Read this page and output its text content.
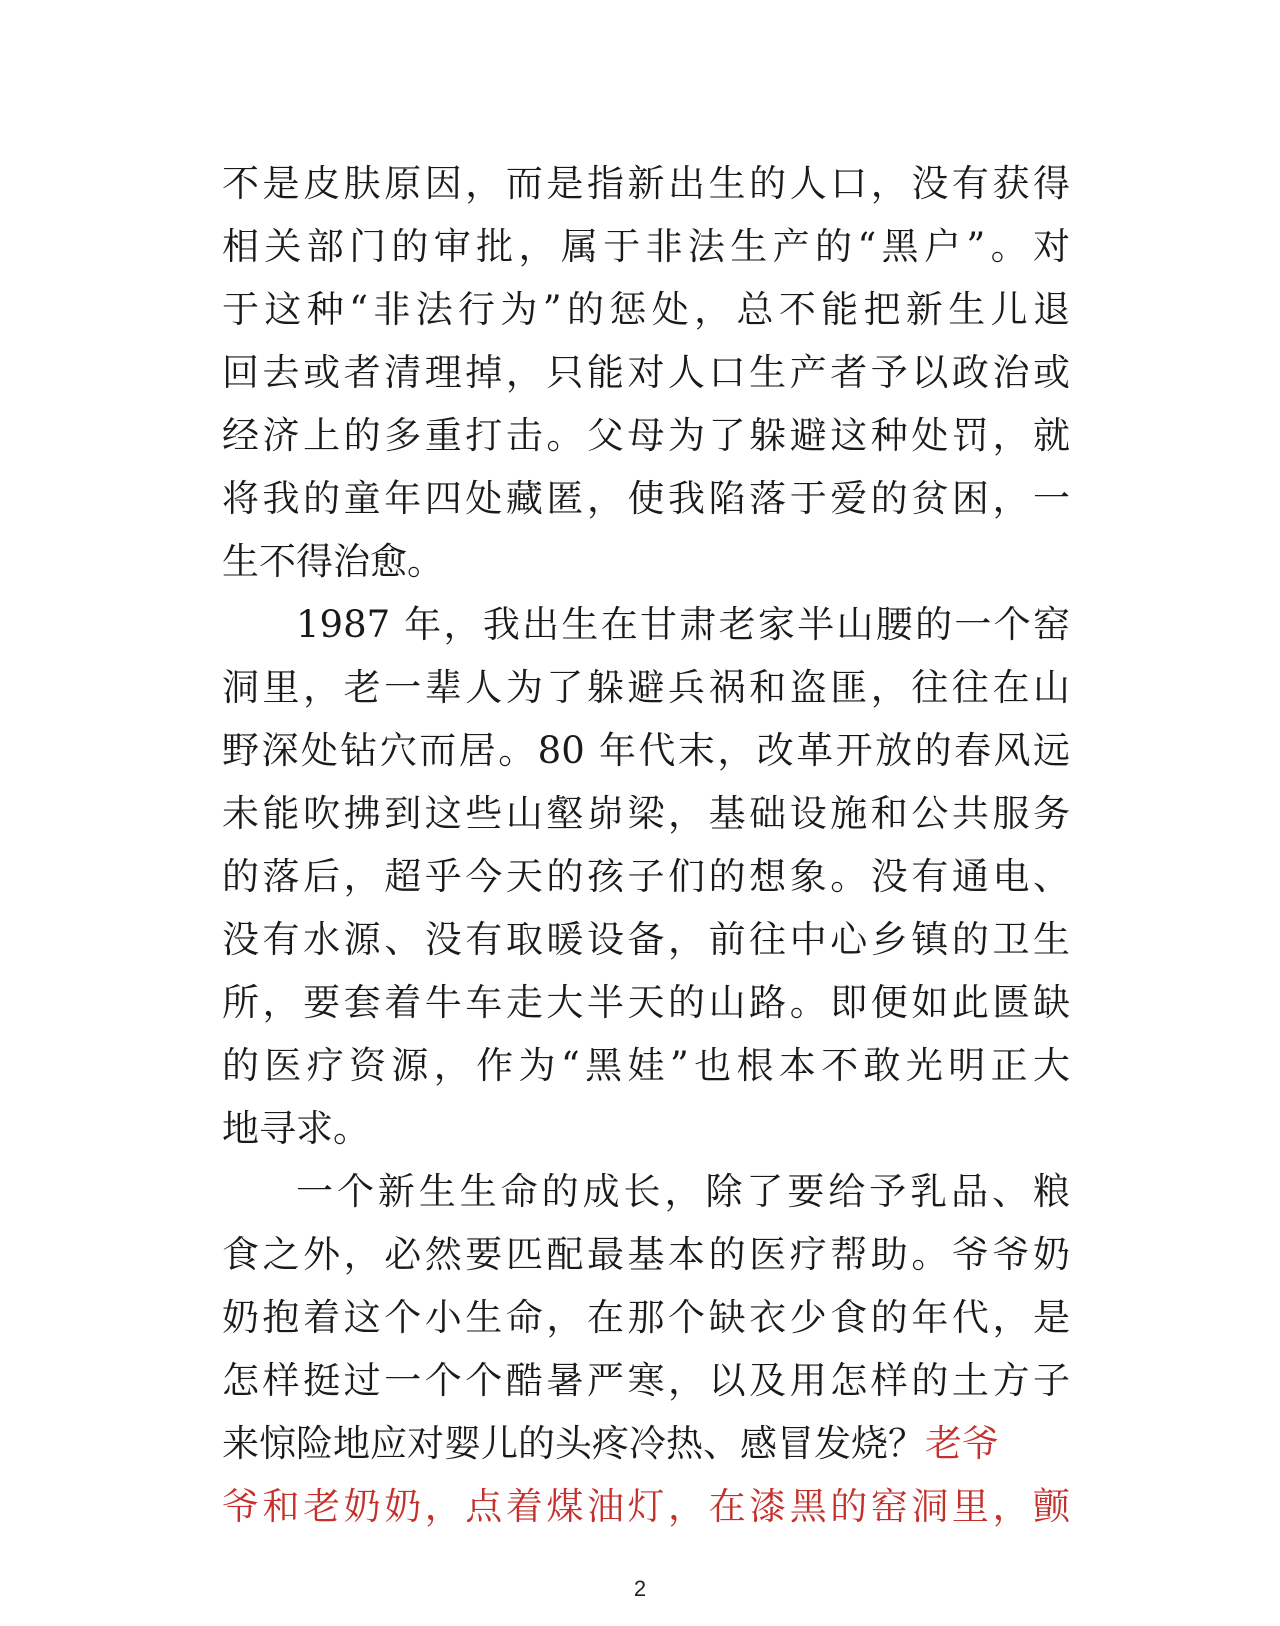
不是皮肤原因，而是指新出生的人口，没有获得
相关部门的审批，属于非法生产的“黑户”。对
于这种“非法行为”的惩处，总不能把新生儿退
回去或者清理掉，只能对人口生产者予以政治或
经济上的多重打击。父母为了躲避这种处罚，就
将我的童年四处藏匿，使我陷落于爱的贫困，一
生不得治愈。
1987 年，我出生在甘肃老家半山腰的一个窑
洞里，老一辈人为了躲避兵祸和盗匪，往往在山
野深处钻穴而居。80 年代末，改革开放的春风远
未能吹拂到这些山壑峁梁，基础设施和公共服务
的落后，超乎今天的孩子们的想象。没有通电、
没有水源、没有取暖设备，前往中心乡镇的卫生
所，要套着牛车走大半天的山路。即便如此匮缺
的医疗资源，作为“黑娃”也根本不敢光明正大
地寻求。
一个新生生命的成长，除了要给予乳品、粮
食之外，必然要匹配最基本的医疗帮助。爷爷奶
奶抱着这个小生命，在那个缺衣少食的年代，是
怎样挺过一个个酷暑严寒，以及用怎样的土方子
来惊险地应对婴儿的头疼冷热、感冒发烧？老爷
爷和老奶奶，点着煤油灯，在漆黑的窑洞里，颤
2
